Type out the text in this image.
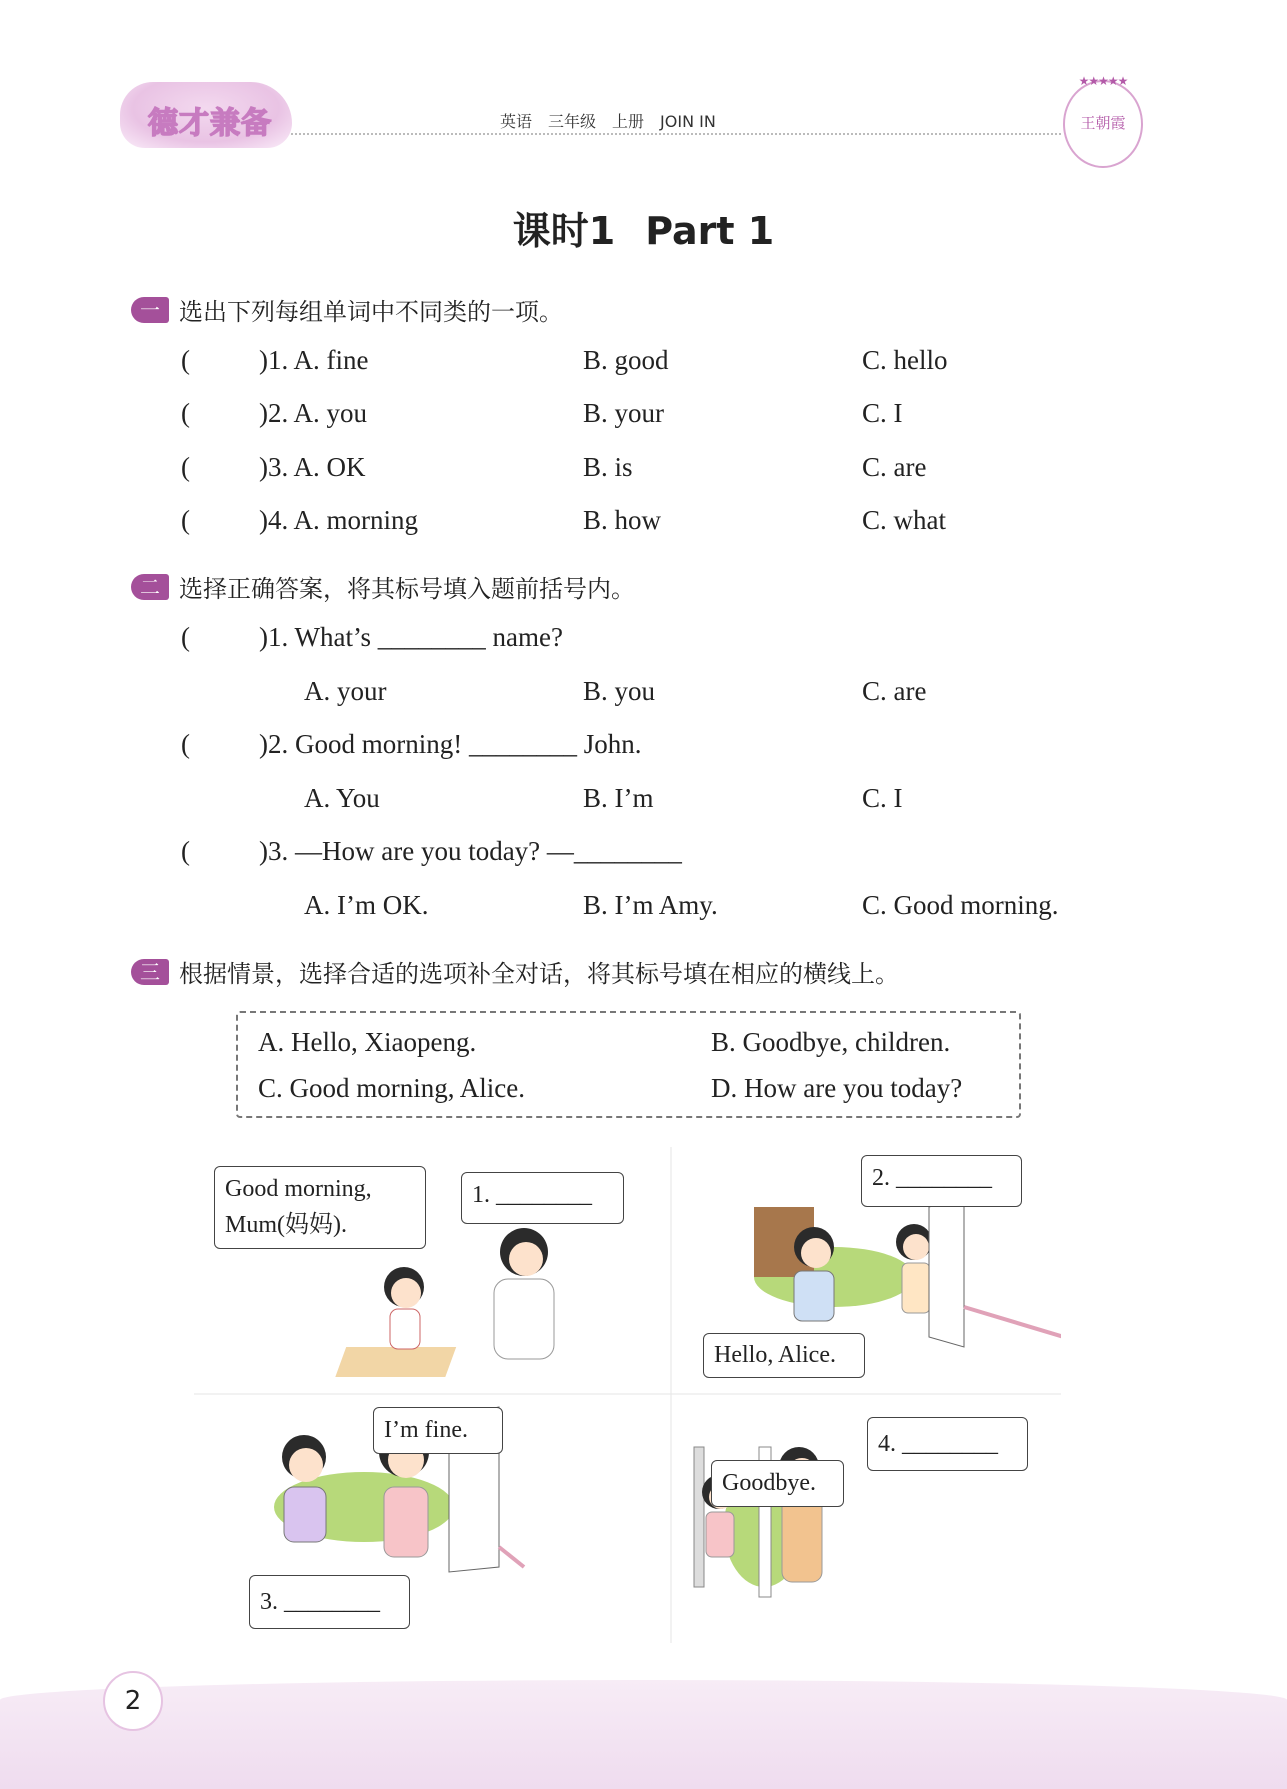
德才兼备	英语 三年级 上册 JOIN IN
★★★★★
王朝霞
课时1 Part 1
一 选出下列每组单词中不同类的一项。
(	)1. A. fine	B. good	C. hello
(	)2. A. you	B. your	C. I
(	)3. A. OK	B. is	C. are
(	)4. A. morning	B. how	C. what
二 选择正确答案，将其标号填入题前括号内。
(	)1. What’s ________ name?
A. your	B. you	C. are
(	)2. Good morning! ________ John.
A. You	B. I’m	C. I
(	)3. —How are you today? —________
A. I’m OK.	B. I’m Amy.	C. Good morning.
三 根据情景，选择合适的选项补全对话，将其标号填在相应的横线上。
A. Hello, Xiaopeng.	B. Goodbye, children.
C. Good morning, Alice.	D. How are you today?
Good morning, Mum(妈妈).
1. ________
2. ________
Hello, Alice.
I’m fine.
3. ________
Goodbye.
4. ________
2
